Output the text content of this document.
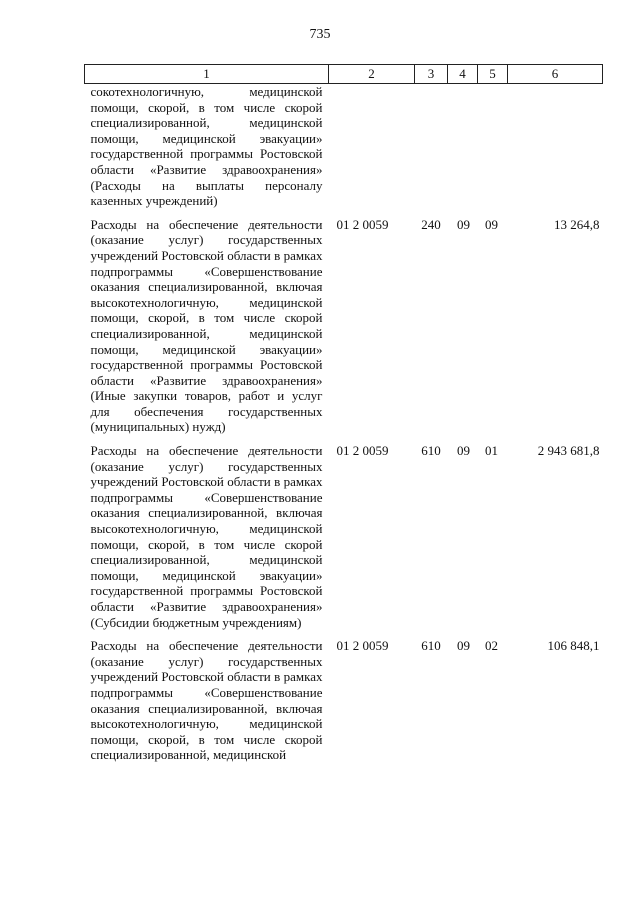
735
1	2	3	4	5	6
сокотехнологичную, медицинской помощи, скорой, в том числе скорой специализированной, медицинской помощи, медицинской эвакуации» государственной программы Ростовской области «Развитие здравоохранения» (Расходы на выплаты персоналу казенных учреждений)					
Расходы на обеспечение деятельности (оказание услуг) государственных учреждений Ростовской области в рамках подпрограммы «Совершенствование оказания специализированной, включая высокотехнологичную, медицинской помощи, скорой, в том числе скорой специализированной, медицинской помощи, медицинской эвакуации» государственной программы Ростовской области «Развитие здравоохранения» (Иные закупки товаров, работ и услуг для обеспечения государственных (муниципальных) нужд)	01 2 0059	240	09	09	13 264,8
Расходы на обеспечение деятельности (оказание услуг) государственных учреждений Ростовской области в рамках подпрограммы «Совершенствование оказания специализированной, включая высокотехнологичную, медицинской помощи, скорой, в том числе скорой специализированной, медицинской помощи, медицинской эвакуации» государственной программы Ростовской области «Развитие здравоохранения» (Субсидии бюджетным учреждениям)	01 2 0059	610	09	01	2 943 681,8
Расходы на обеспечение деятельности (оказание услуг) государственных учреждений Ростовской области в рамках подпрограммы «Совершенствование оказания специализированной, включая высокотехнологичную, медицинской помощи, скорой, в том числе скорой специализированной, медицинской	01 2 0059	610	09	02	106 848,1
